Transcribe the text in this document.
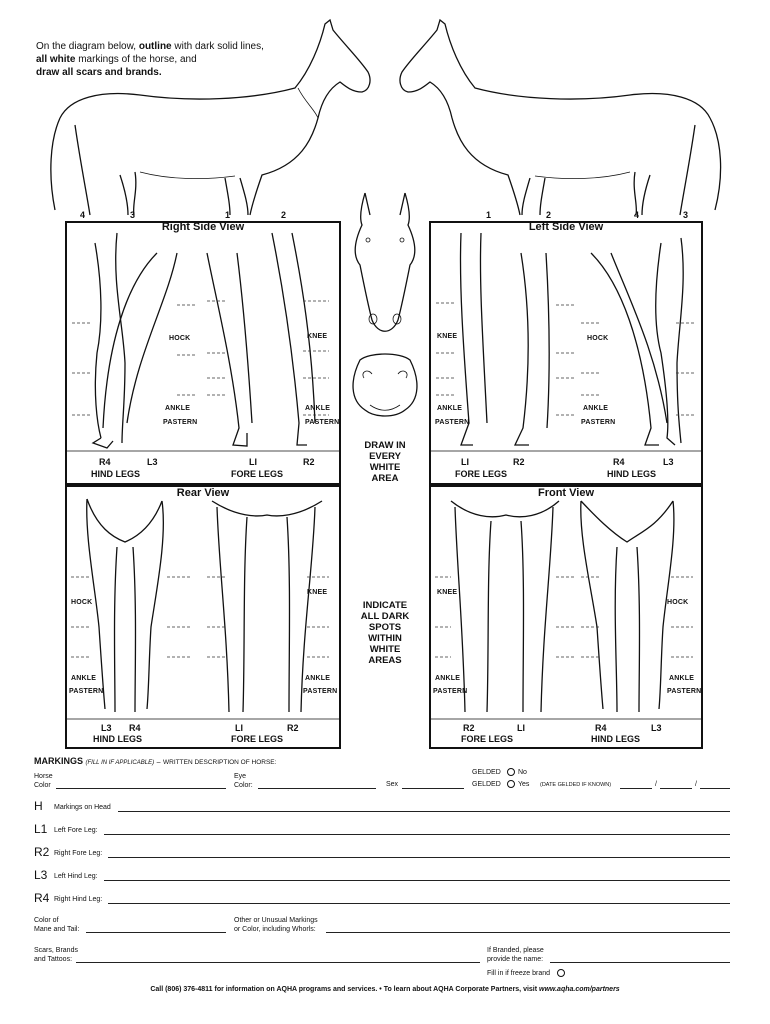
On the diagram below, outline with dark solid lines,
all white markings of the horse, and
draw all scars and brands.
4	3	1	2	1	2	4	3
Right Side View
HOCK	KNEE
ANKLE
PASTERN
ANKLE
PASTERN
R4	L3	LI	R2
HIND LEGS	FORE LEGS
Left Side View
KNEE	HOCK
ANKLE
PASTERN
ANKLE
PASTERN
LI	R2	R4	L3
FORE LEGS	HIND LEGS
Rear View
HOCK
KNEE
ANKLE
PASTERN
ANKLE
PASTERN
L3 R4	LI	R2
HIND LEGS	FORE LEGS
Front View
KNEE
HOCK
ANKLE
PASTERN
ANKLE
PASTERN
R2	LI	R4	L3
FORE LEGS	HIND LEGS
DRAW IN
EVERY
WHITE
AREA
INDICATE
ALL DARK
SPOTS
WITHIN
WHITE
AREAS
MARKINGS (FILL IN IF APPLICABLE) – WRITTEN DESCRIPTION OF HORSE:
Horse
Color
Eye
Color:	Sex
GELDED No
GELDED Yes (DATE GELDED IF KNOWN)	/	/
H Markings on Head
L1 Left Fore Leg:
R2 Right Fore Leg:
L3 Left Hind Leg:
R4 Right Hind Leg:
Color of
Mane and Tail:
Other or Unusual Markings
or Color, including Whorls:
Scars, Brands
and Tattoos:
If Branded, please
provide the name:
Fill in if freeze brand
Call (806) 376-4811 for information on AQHA programs and services. • To learn about AQHA Corporate Partners, visit www.aqha.com/partners
